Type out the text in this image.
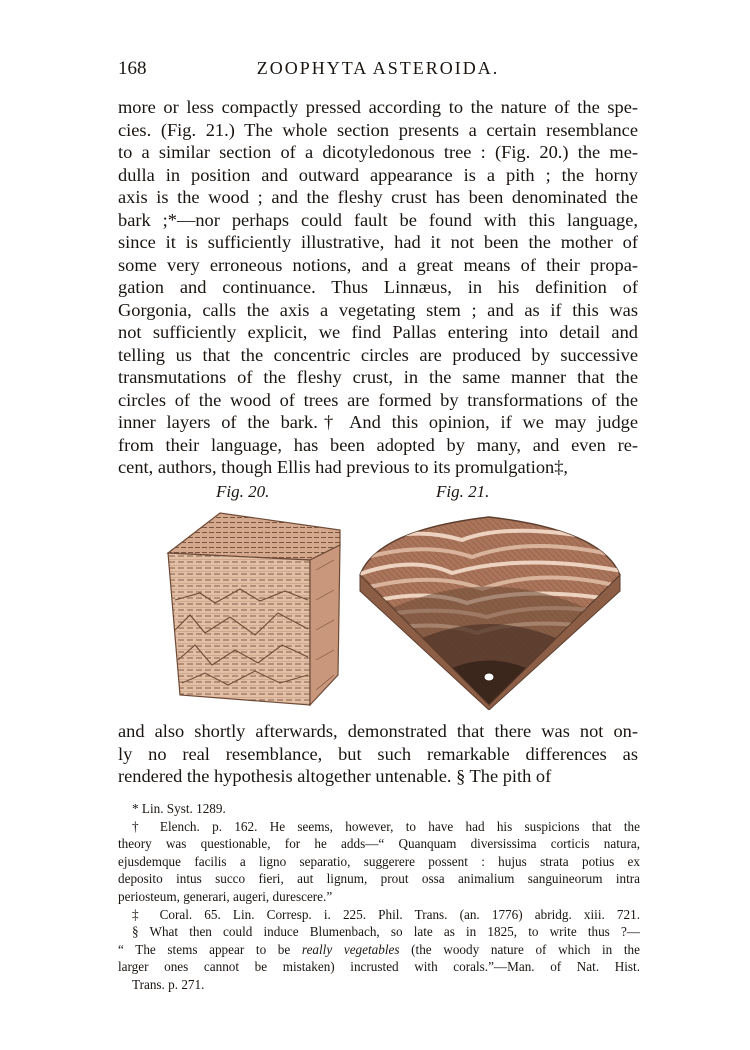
168	ZOOPHYTA ASTEROIDA.
more or less compactly pressed according to the nature of the spe-
cies. (Fig. 21.) The whole section presents a certain resemblance
to a similar section of a dicotyledonous tree : (Fig. 20.) the me-
dulla in position and outward appearance is a pith ; the horny
axis is the wood ; and the fleshy crust has been denominated the
bark ;*—nor perhaps could fault be found with this language,
since it is sufficiently illustrative, had it not been the mother of
some very erroneous notions, and a great means of their propa-
gation and continuance. Thus Linnæus, in his definition of
Gorgonia, calls the axis a vegetating stem ; and as if this was
not sufficiently explicit, we find Pallas entering into detail and
telling us that the concentric circles are produced by successive
transmutations of the fleshy crust, in the same manner that the
circles of the wood of trees are formed by transformations of the
inner layers of the bark.† And this opinion, if we may judge
from their language, has been adopted by many, and even re-
cent, authors, though Ellis had previous to its promulgation‡,
Fig. 20.	Fig. 21.
and also shortly afterwards, demonstrated that there was not on-
ly no real resemblance, but such remarkable differences as
rendered the hypothesis altogether untenable. § The pith of
* Lin. Syst. 1289.
† Elench. p. 162. He seems, however, to have had his suspicions that the
theory was questionable, for he adds—“ Quanquam diversissima corticis natura,
ejusdemque facilis a ligno separatio, suggerere possent : hujus strata potius ex
deposito intus succo fieri, aut lignum, prout ossa animalium sanguineorum intra
periosteum, generari, augeri, durescere.”
‡ Coral. 65. Lin. Corresp. i. 225. Phil. Trans. (an. 1776) abridg. xiii. 721.
§ What then could induce Blumenbach, so late as in 1825, to write thus ?—
“ The stems appear to be really vegetables (the woody nature of which in the
larger ones cannot be mistaken) incrusted with corals.”—Man. of Nat. Hist.
Trans. p. 271.
